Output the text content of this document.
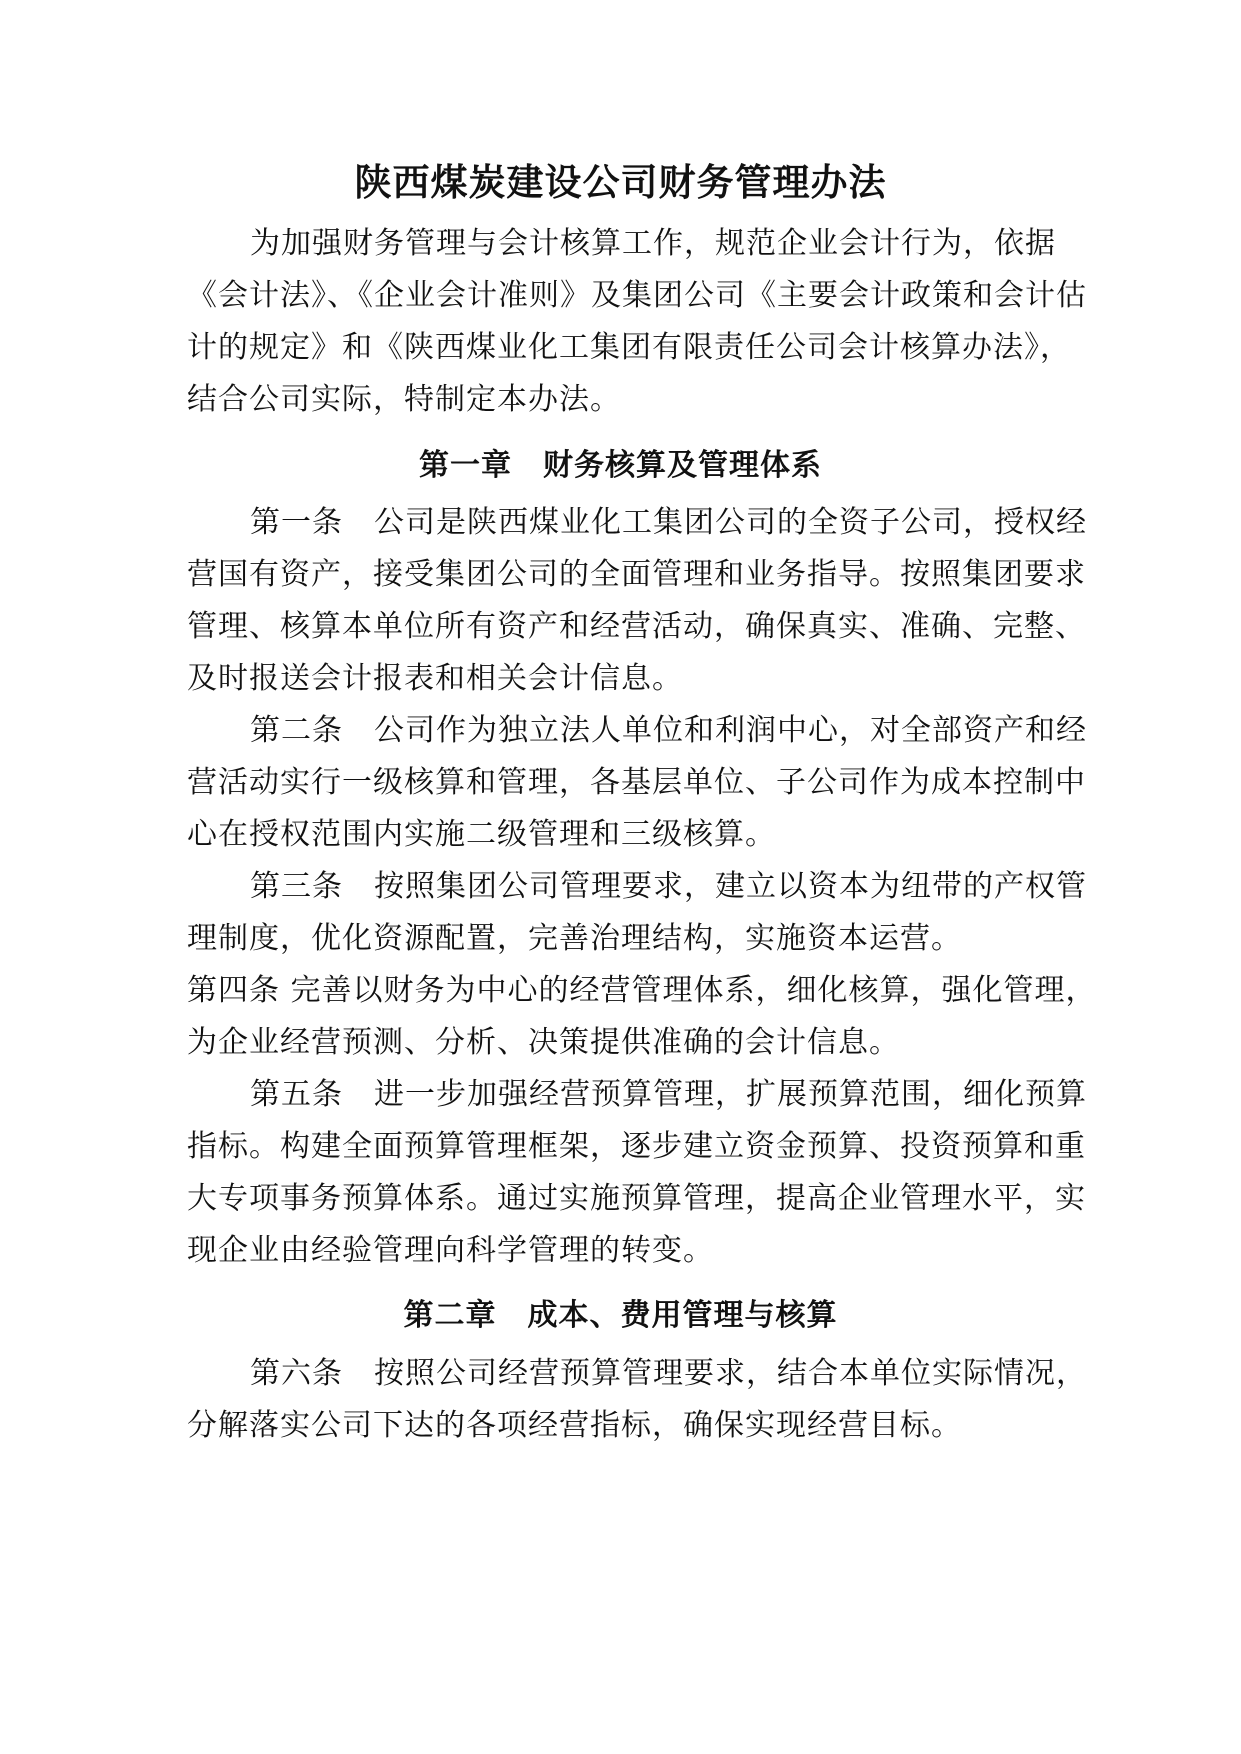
陕西煤炭建设公司财务管理办法
为加强财务管理与会计核算工作，规范企业会计行为，依据
《会计法》、《企业会计准则》及集团公司《主要会计政策和会计估
计的规定》和《陕西煤业化工集团有限责任公司会计核算办法》，
结合公司实际，特制定本办法。
第一章　财务核算及管理体系
第一条　公司是陕西煤业化工集团公司的全资子公司，授权经
营国有资产，接受集团公司的全面管理和业务指导。按照集团要求
管理、核算本单位所有资产和经营活动，确保真实、准确、完整、
及时报送会计报表和相关会计信息。
第二条　公司作为独立法人单位和利润中心，对全部资产和经
营活动实行一级核算和管理，各基层单位、子公司作为成本控制中
心在授权范围内实施二级管理和三级核算。
第三条　按照集团公司管理要求，建立以资本为纽带的产权管
理制度，优化资源配置，完善治理结构，实施资本运营。
第四条 完善以财务为中心的经营管理体系，细化核算，强化管理，
为企业经营预测、分析、决策提供准确的会计信息。
第五条　进一步加强经营预算管理，扩展预算范围，细化预算
指标。构建全面预算管理框架，逐步建立资金预算、投资预算和重
大专项事务预算体系。通过实施预算管理，提高企业管理水平，实
现企业由经验管理向科学管理的转变。
第二章　成本、费用管理与核算
第六条　按照公司经营预算管理要求，结合本单位实际情况，
分解落实公司下达的各项经营指标，确保实现经营目标。
